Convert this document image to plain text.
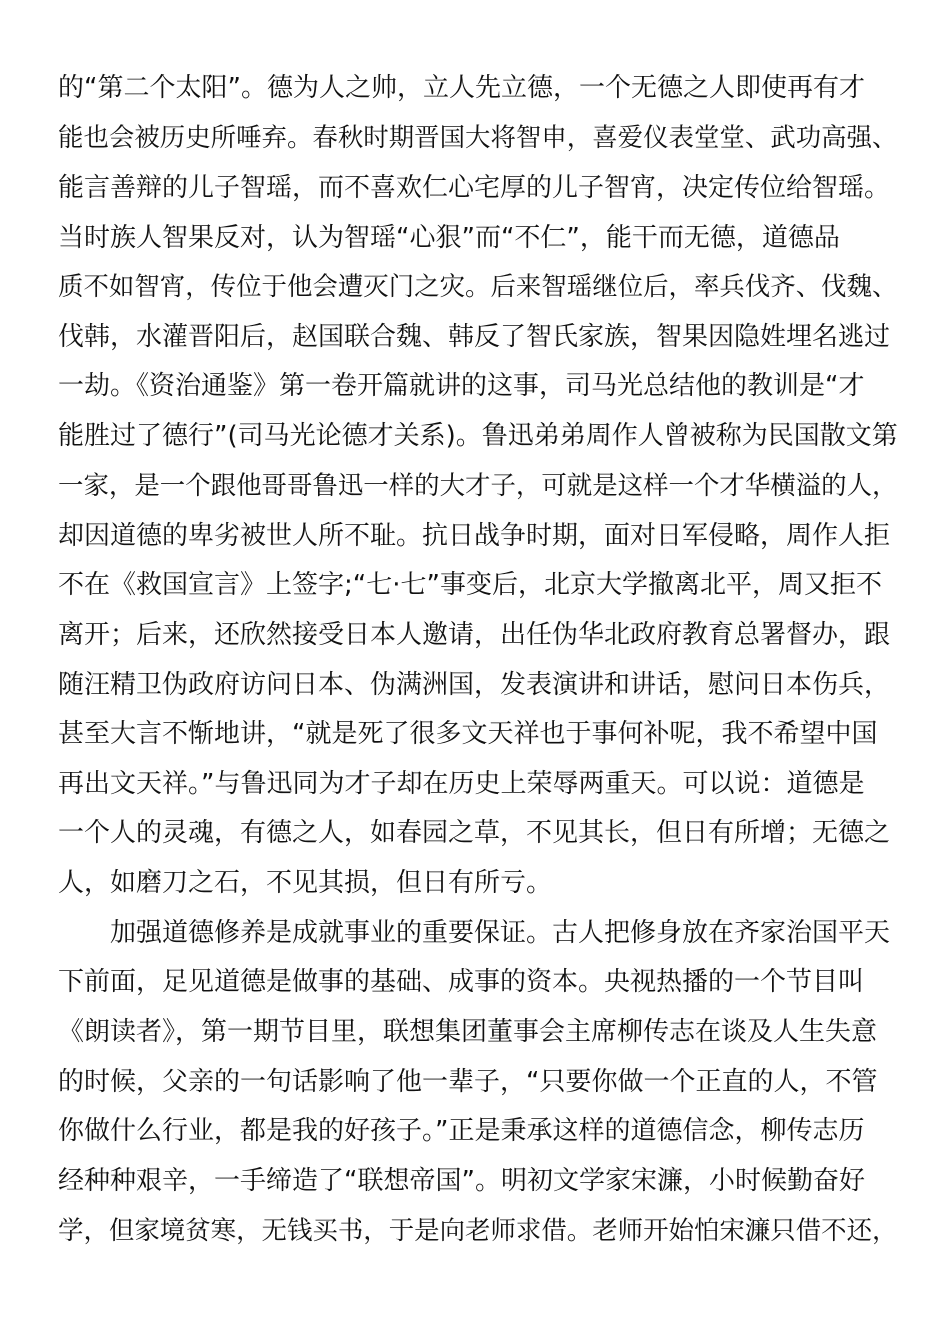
的“第二个太阳”。德为人之帅，立人先立德，一个无德之人即使再有才
能也会被历史所唾弃。春秋时期晋国大将智申，喜爱仪表堂堂、武功高强、
能言善辩的儿子智瑶，而不喜欢仁心宅厚的儿子智宵，决定传位给智瑶。
当时族人智果反对，认为智瑶“心狠”而“不仁”，能干而无德，道德品
质不如智宵，传位于他会遭灭门之灾。后来智瑶继位后，率兵伐齐、伐魏、
伐韩，水灌晋阳后，赵国联合魏、韩反了智氏家族，智果因隐姓埋名逃过
一劫。《资治通鉴》第一卷开篇就讲的这事，司马光总结他的教训是“才
能胜过了德行”(司马光论德才关系)。鲁迅弟弟周作人曾被称为民国散文第
一家，是一个跟他哥哥鲁迅一样的大才子，可就是这样一个才华横溢的人，
却因道德的卑劣被世人所不耻。抗日战争时期，面对日军侵略，周作人拒
不在《救国宣言》上签字;“七·七”事变后，北京大学撤离北平，周又拒不
离开；后来，还欣然接受日本人邀请，出任伪华北政府教育总署督办，跟
随汪精卫伪政府访问日本、伪满洲国，发表演讲和讲话，慰问日本伤兵，
甚至大言不惭地讲，“就是死了很多文天祥也于事何补呢，我不希望中国
再出文天祥。”与鲁迅同为才子却在历史上荣辱两重天。可以说：道德是
一个人的灵魂，有德之人，如春园之草，不见其长，但日有所增；无德之
人，如磨刀之石，不见其损，但日有所亏。
加强道德修养是成就事业的重要保证。古人把修身放在齐家治国平天
下前面，足见道德是做事的基础、成事的资本。央视热播的一个节目叫
《朗读者》，第一期节目里，联想集团董事会主席柳传志在谈及人生失意
的时候，父亲的一句话影响了他一辈子，“只要你做一个正直的人，不管
你做什么行业，都是我的好孩子。”正是秉承这样的道德信念，柳传志历
经种种艰辛，一手缔造了“联想帝国”。明初文学家宋濂，小时候勤奋好
学，但家境贫寒，无钱买书，于是向老师求借。老师开始怕宋濂只借不还，
